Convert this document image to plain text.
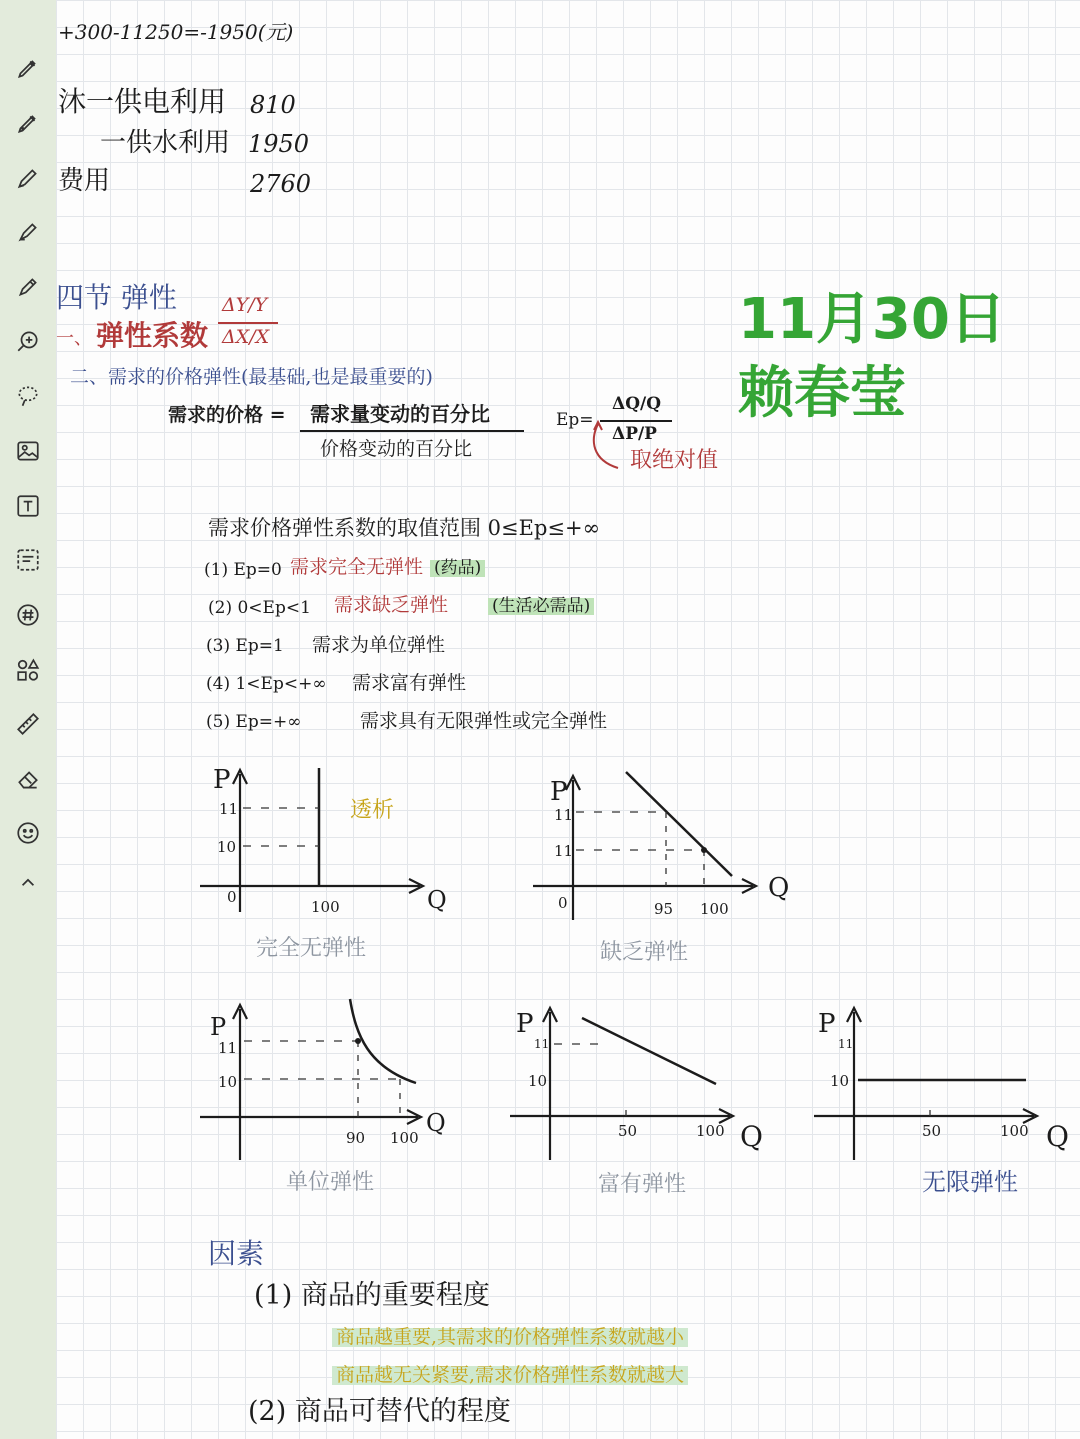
+300-11250=-1950(元)
沐一供电利用 810
一供水利用 1950
费用	2760
11月30日
赖春莹
四节 弹性
一、 弹性系数
ΔY/Y
ΔX/X
二、需求的价格弹性(最基础,也是最重要的)
需求的价格 = 需求量变动的百分比
价格变动的百分比
Ep=
ΔQ/Q
ΔP/P
取绝对值
需求价格弹性系数的取值范围 0≤Ep≤+∞
(1) Ep=0 需求完全无弹性 (药品)
(2) 0<Ep<1 需求缺乏弹性	(生活必需品)
(3) Ep=1 需求为单位弹性
(4) 1<Ep<+∞ 需求富有弹性
(5) Ep=+∞	需求具有无限弹性或完全弹性
P
11
10
0
100	Q
透析
完全无弹性
P
11
11
0	95 100
Q
缺乏弹性
P
11
10
90 100
Q
单位弹性
P
11
10
50	100 Q
富有弹性
P
11
10
50	100 Q
无限弹性
因素
(1) 商品的重要程度
商品越重要,其需求的价格弹性系数就越小
商品越无关紧要,需求价格弹性系数就越大
(2) 商品可替代的程度
